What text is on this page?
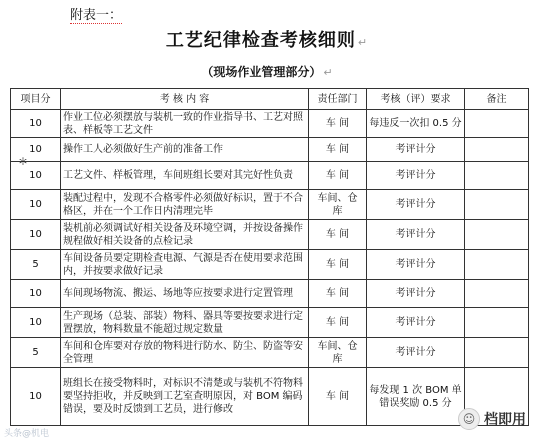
附表一：
工艺纪律检查考核细则 ↵
（现场作业管理部分） ↵
项目分	考 核 内 容	责任部门	考核（评）要求	备注
10	作业工位必须摆放与装机一致的作业指导书、工艺对照表、样板等工艺文件	车 间	每违反一次扣 0.5 分	
10	操作工人必须做好生产前的准备工作	车 间	考评计分	
10	工艺文件、样板管理，车间班组长要对其完好性负责	车 间	考评计分	
10	装配过程中，发现不合格零件必须做好标识，置于不合格区，并在一个工作日内清理完毕	车间、仓 库	考评计分	
10	装机前必须调试好相关设备及环境空调，并按设备操作规程做好相关设备的点检记录	车 间	考评计分	
5	车间设备员要定期检查电源、气源是否在使用要求范围内，并按要求做好记录	车 间	考评计分	
10	车间现场物流、搬运、场地等应按要求进行定置管理	车 间	考评计分	
10	生产现场（总装、部装）物料、器具等要按要求进行定置摆放，物料数量不能超过规定数量	车 间	考评计分	
5	车间和仓库要对存放的物料进行防水、防尘、防盗等安全管理	车间、仓 库	考评计分	
10	班组长在接受物料时，对标识不清楚或与装机不符物料要坚持拒收，并反映到工艺室查明原因，对 BOM 编码错误，要及时反馈到工艺员，进行修改	车 间	每发现 1 次 BOM 单错误奖励 0.5 分	
＊
头条@机电
☺ 档即用
